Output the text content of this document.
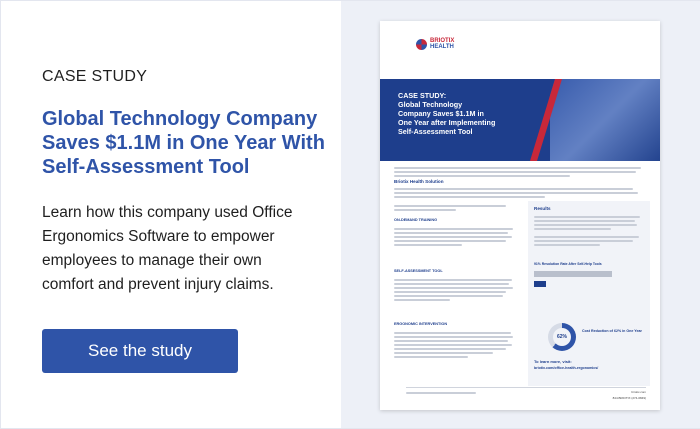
CASE STUDY
Global Technology Company
Saves $1.1M in One Year With
Self-Assessment Tool
Learn how this company used Office
Ergonomics Software to empower
employees to manage their own
comfort and prevent injury claims.
See the study
BRIOTIX
HEALTH
CASE STUDY:
Global Technology
Company Saves $1.1M in
One Year after Implementing
Self-Assessment Tool
Briotix Health Solution
ON-DEMAND TRAINING
SELF-ASSESSMENT TOOL
ERGONOMIC INTERVENTION
Results
91% Resolution Rate After Self-Help Tools
62%
Cost Reduction of 62% in One Year
To learn more, visit:
briotix.com/office-health-ergonomics/
briotix.com
844.BRIOTIX (274-6849)
